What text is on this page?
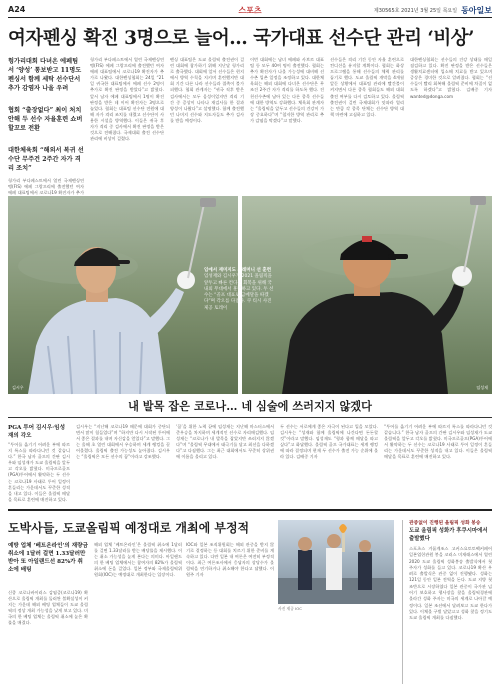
A24	스포츠	제30565호 2021년 3월 25일 목요일 동아일보
여자펜싱 확진 3명으로 늘어… 국가대표 선수단 관리 ‘비상’
헝가리대회 다녀온 에페팀서 ‘양성’ 통보받고 11명도 펜싱서 함께 세탁 선수단서 추가 감염자 나올 우려
협회 “출장없다” 최이 처치 안해 두 선수 자율훈련 쇼버할꼬로 전환
대한체육회 “해외서 복귀 선수단 무주건 2주간 자가 격리 조치”
헝가리 부다페스트에서 열린 국제펜싱연맹(FIS) 에페 그랑프리에 출전했던 여자 에페 대표팀에서 코로나19 확진자가 추가
헝가리 부다페스트에서 열린 국제펜싱연맹(FIS) 에페 그랑프리에 출전했던 여자 에페 대표팀에서 코로나19 확진자가 추가로 나왔다. 대한펜싱협회는 24일 “21일 귀국한 대표팀에서 에페 선수 2명이 추가로 확진 판정을 받았다”고 밝혔다. 앞서 남자 에페 대표팀에서 1명이 확진 판정을 받은 데 이어 확진자는 3명으로 늘었다. 협회는 대표팀 선수단 전원에 대해 자가 격리 조치를 내렸고 선수단이 사용한 시설을 방역했다. 이들은 귀국 후 자가 격리 중 검사에서 확진 판정을 받은 것으로 전해졌다. 국제대회 출전 선수단 관리에 비상이 걸렸다.
펜싱 대표팀은 도쿄 올림픽 출전권이 걸린 대회에 참가하기 위해 지난달 헝가리로 출국했다. 대회에 앞서 선수들은 현지에서 방역 수칙을 지키며 훈련했지만 대회 기간 다른 나라 선수들과 접촉이 불가피했다. 협회 관계자는 “귀국 직후 받은 검사에서는 모두 음성이었지만 격리 기간 중 증상이 나타나 재검사를 한 결과 양성이 나왔다”고 설명했다. 함께 출전했던 나머지 선수와 지도자들도 추가 검사를 받을 예정이다.
이번 대회에는 남녀 에페와 사브르 대표팀 등 모두 40여 명이 출전했다. 협회는 추가 확진자가 나올 가능성에 대비해 선수촌 입촌 일정을 조정하고 있다. 대한체육회는 해외 대회에 다녀온 선수단은 무조건 2주간 자가 격리를 하도록 했다. 진천선수촌에 남아 있는 다른 종목 선수들에 대한 방역도 강화했다. 체육회 관계자는 “올림픽을 앞두고 선수들의 건강이 가장 중요하다”며 “철저한 방역 관리로 추가 감염을 막겠다”고 말했다.
선수들은 격리 기간 동안 자율 훈련으로 컨디션을 유지할 계획이다. 협회는 화상 프로그램을 통해 선수들의 체력 관리를 돕기로 했다. 도쿄 올림픽 개막을 4개월 앞둔 상황에서 대표팀 관리에 빨간불이 켜지면서 다른 종목 협회들도 해외 대회 출전 여부를 다시 검토하고 있다. 올림픽 출전권이 걸린 국제대회가 잇따라 열리는 만큼 각 종목 단체는 선수단 방역 대책 마련에 고심하고 있다.
대한펜싱협회는 선수들의 건강 상태를 매일 점검하고 있다. 확진 판정을 받은 선수들은 생활치료센터에 입소해 치료를 받고 있으며 증상은 경미한 것으로 알려졌다. 협회는 “선수들이 빨리 회복해 올림픽 준비에 차질이 없도록 하겠다”고 밝혔다. 김배중 기자 wanted@donga.com
김시우	임성재
임에서 재미지도 세레머니 선 훈련
임성재와 김시우가 2021 올림픽을 앞두고 빠른 컨디션 회복을 위해 국내외 무대에서 훈련하고 있다. 두 선수는 “골프 대표로 금메달을 따겠다”며 각오를 다졌다. 쿠 티시 사진 제공 토레이
내 발목 잡은 코로나… 네 심술에 쓰러지지 않겠다
PGA 투어 김시우·임성재의 각오
“투어를 옮기기 어려운 부에 따르지 특스를 따라다니던 것 같습니다.” 한국 남자 골프의 간판 김시우와 임성재가 도쿄 올림픽을 앞두고 각오를 밝혔다. 미국프로골프(PGA)투어에서 활약하는 두 선수는 코로나19 사태로 투어 일정이 흔들리는 가운데서도 꾸준한 성적을 내고 있다. 이들은 올림픽 메달을 목표로 훈련에 매진하고 있다.
김시우는 “지난해 코로나19 때문에 대회가 중단되면서 많이 힘들었다”며 “하지만 다시 시작된 투어에서 좋은 결과를 내며 자신감을 얻었다”고 말했다. 그는 올해 초 열린 대회에서 우승하며 세계 랭킹을 끌어올렸다. 올림픽 출전 가능성도 높아졌다. 김시우는 “올림픽은 모든 선수의 꿈”이라고 강조했다.
‘꿈’을 위한 노력 끝에 임성재는 지난해 마스터스에서 준우승을 차지하며 세계적인 선수로 자리매김했다. 임성재는 “코로나가 내 발목을 잡았지만 쓰러지지 않겠다”며 “올림픽 무대에서 태극기를 달고 최선을 다하겠다”고 다짐했다. 그는 최근 대회에서도 꾸준히 상위권에 이름을 올리고 있다.
두 선수는 서로에게 좋은 자극이 된다고 입을 모았다. 김시우는 “성재와 함께 올림픽에 나간다면 든든할 것”이라고 말했다. 임성재도 “형과 함께 메달을 따고 싶다”고 화답했다. 올림픽 골프 국가대표는 세계 랭킹에 따라 결정되며 현재 두 선수가 출전 가능 순위에 올라 있다. 김배중 기자
“투어를 옮기기 어려운 부에 따르지 특스를 따라다니던 것 같습니다.” 한국 남자 골프의 간판 김시우와 임성재가 도쿄 올림픽을 앞두고 각오를 밝혔다. 미국프로골프(PGA)투어에서 활약하는 두 선수는 코로나19 사태로 투어 일정이 흔들리는 가운데서도 꾸준한 성적을 내고 있다. 이들은 올림픽 메달을 목표로 훈련에 매진하고 있다.
도박사들, 도쿄올림픽 예정대로 개최에 부정적
예방 업체 ‘베트온라인’의 재량금 취소에 1달러 걸면 1.33달러만 받아 또 아일랜드선 82%가 취소에 배팅
신종 코로나바이러스 감염증(코로나19) 확산으로 올림픽 개최를 둘러싼 불확실성이 커지는 가운데 해외 베팅 업체들이 도쿄 올림픽의 정상 개최 가능성을 낮게 보고 있다. 미국의 한 베팅 업체는 올림픽 취소에 높은 확률을 매겼다.
해외 업체 ‘베트온라인’은 올림픽 취소에 1달러를 걸면 1.33달러를 받는 배당률을 제시했다. 이는 취소 가능성을 높게 본다는 의미다. 아일랜드의 한 베팅 업체에서는 참여자의 82%가 올림픽 취소에 돈을 걸었다. 일본 정부와 국제올림픽위원회(IOC)는 예정대로 개최한다는 입장이다.
IOC와 일본 조직위원회는 해외 관중을 받지 않기로 결정하는 등 대회를 치르기 위한 준비를 계속하고 있다. 다만 일본 내 여론은 여전히 부정적이다. 최근 여론조사에서 응답자의 상당수가 올림픽을 연기하거나 취소해야 한다고 답했다. 이원주 기자
사진 제공 IOC
관중없이 진행된 올림픽 성화 봉송
도쿄 올림픽 성화가 후쿠시마에서 출발했다
스포츠스 겨룹계조스 고커스요토토펙커페어 일본업헌관원 봉을 코러스 미재래스에서 열린 2020 도쿄 올림픽 성화봉송 출발식에서 첫 주자가 성화를 들고 있다. 코로나19 확산 우려로 출발식은 관중 없이 진행됐다. 성화는 121일 동안 일본 전역을 돈다. 도쿄 지방 첫 조반으로 시장하였다 일본 관중이 국가관 넘어기 보호하고 행사장을 찾을 올림픽경관에 올라간 성화 주자는 미국의 세계로 나아갈 예정이다. 일본 조선에서 달려보고 도쿄 한다가 있다. 이체올 구별 달았고고 성화 찾을 정기도 도쿄 올림픽 개최를 다짐했다.
